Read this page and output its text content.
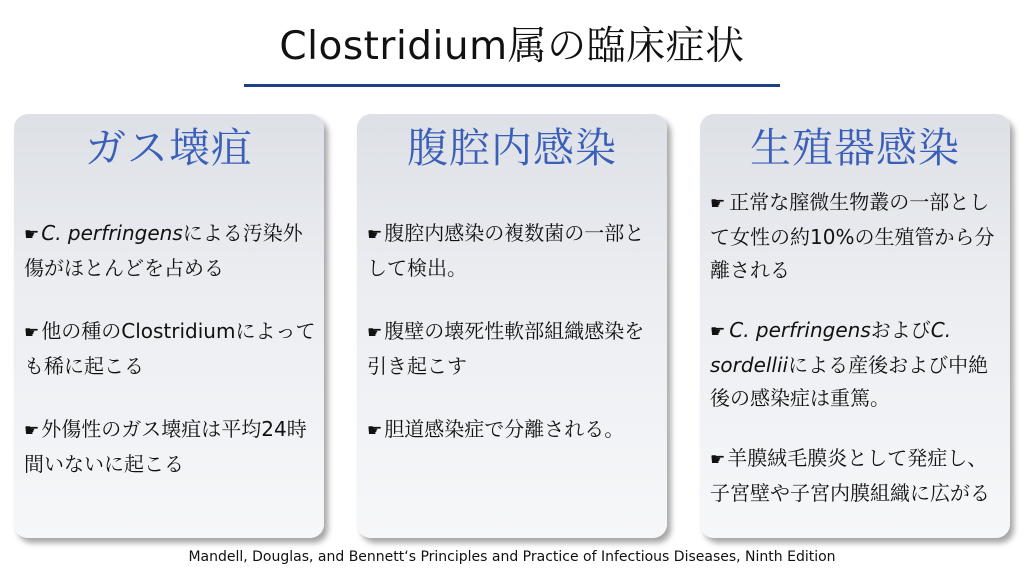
Clostridium属の臨床症状
ガス壊疽

☛ C. perfringensによる汚染外傷がほとんどを占める

☛ 他の種のClostridiumによっても稀に起こる

☛ 外傷性のガス壊疽は平均24時間いないに起こる

腹腔内感染

☛ 腹腔内感染の複数菌の一部として検出。

☛ 腹壁の壊死性軟部組織感染を引き起こす

☛ 胆道感染症で分離される。

生殖器感染

☛ 正常な膣微生物叢の一部として女性の約10%の生殖管から分離される

☛ C. perfringensおよびC. sordelliiによる産後および中絶後の感染症は重篤。

☛ 羊膜絨毛膜炎として発症し、子宮壁や子宮内膜組織に広がる

Mandell, Douglas, and Bennett‘s Principles and Practice of Infectious Diseases, Ninth Edition
